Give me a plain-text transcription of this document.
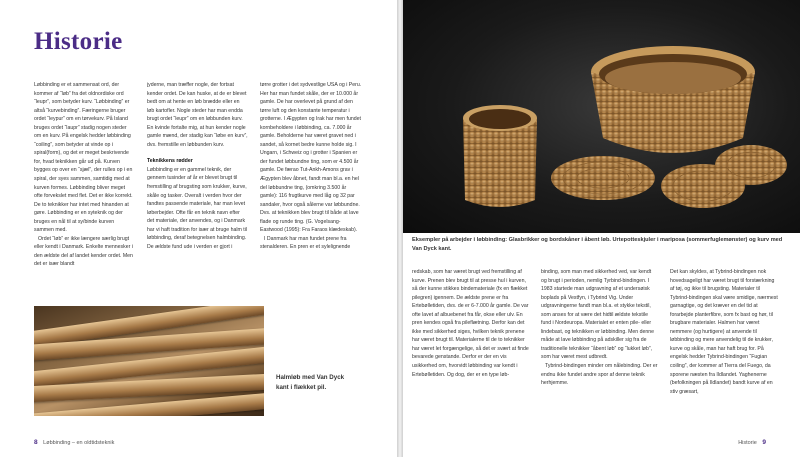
Historie

Løbbinding er et sammensat ord, der kommer af “løb” fra det oldnordiske ord “leupr”, som betyder kurv. “Løbbinding” er altså “kurvebinding”. Færingerne bruger ordet “leypur” om en tørvekurv. På Island bruges ordet “laupr” stadig nogen steder om en kurv. På engelsk hedder løbbinding “coiling”, som betyder at vinde op i spiral(form), og det er meget beskrivende for, hvad teknikken går ud på. Kurven bygges op over en “sjæl”, der rulles op i en spiral, der syes sammen, samtidig med at kurven formes. Løbbinding bliver meget ofte forvekslet med flet. Det er ikke korrekt. De to teknikker har intet med hinanden at gøre. Løbbinding er en syteknik og der bruges en nål til at sy/binde kurven sammen med.

Ordet “løb” er ikke længere særlig brugt eller kendt i Danmark. Enkelte mennesker i den ældste del af landet kender ordet. Men det er især blandt

jyderne, man træffer nogle, der fortsat kender ordet. De kan huske, at de er blevet bedt om at hente en løb brædde eller en løb kartofler. Nogle steder har man endda brugt ordet “leupr” om en løbbunden kurv. En kvinde fortalte mig, at hun kender nogle gamle mænd, der stadig kan “løbe en kurv”, dvs. fremstille en løbbunden kurv.

Teknikkens rødder

Løbbinding er en gammel teknik, der gennem tusinder af år er blevet brugt til fremstilling af brugsting som krukker, kurve, skåle og tasker. Overalt i verden hvor der fandtes passende materiale, har man levet løberbejder. Ofte får en teknik navn efter det materiale, der anvendes, og i Danmark har vi haft tradition for især at bruge halm til løbbinding, deraf betegnelsen halmbinding. De ældste fund ude i verden er gjort i

tørre grotter i det sydvestlige USA og i Peru. Her har man fundet skåle, der er 10.000 år gamle. De har overlevet på grund af den tørre luft og den konstante temperatur i grotterne. I Ægypten og Irak har men fundet kornbeholdere i løbbinding, ca. 7.000 år gamle. Beholderne har været gravet ned i sandet, så kornet bedre kunne holde sig. I Ungarn, i Schweiz og i grotter i Spanien er der fundet løbbundne ting, som er 4.500 år gamle. De færao Tut-Ankh-Amons grav i Ægypten blev åbnet, fandt man bl.a. en hel del løbbundne ting, (omkring 3.500 år gamle): 116 frugtkurve med låg og 32 par sandaler, hvor også sålerne var løbbundne. Dvs. at teknikken blev brugt til både at lave flade og runde ting. (G. Vogelsang-Eastwood (1995): Fra Faraos klædeskab).

I Danmark har man fundet prene fra stenalderen. En pren er et sylelignende

Halmløb med Van Dyck kant i flækket pil.
8 Løbbinding – en oldtidsteknik
Eksempler på arbejder i løbbinding: Glasbrikker og bordskåner i åbent løb. Urtepotteskjuler i mariposa (sommerfuglemønster) og kurv med Van Dyck kant.

redskab, som har været brugt ved fremstilling af kurve. Prenen blev brugt til at presse hul i kurven, så der kunne stikkes bindemateriale (fx en flækket pilegren) igennem. De ældste prene er fra Ertebølletiden, dvs. de er 6-7.000 år gamle. De var ofte lavet af albuebenet fra får, okse eller ulv. En pren kendes også fra pileflætning. Derfor kan det ikke med sikkerhed siges, hvilken teknik prenene har været brugt til. Materialerne til de to teknikker har været let forgængelige, så det er svært at finde bevarede genstande. Derfor er der en vis usikkerhed om, hvorvidt løbbinding var kendt i Ertebølletiden. Og dog, der er en type løb-

binding, som man med sikkerhed ved, var kendt og brugt i perioden, nemlig Tyrbind-bindingen. I 1983 startede man udgravning af et undersøisk boplads på Vestfyn, i Tybrind Vig. Under udgravningerne fandt man bl.a. et stykke tekstil, som anses for at være det hidtil ældste tekstile fund i Nordeuropa. Materialet er enten pile- eller lindebast, og teknikken er løbbinding. Men denne måde at lave løbbinding på adskiller sig fra de traditionelle teknikker “åbent løb” og “lukket løb”, som har været mest udbredt.

Tybrind-bindingen minder om nålebinding. Der er endnu ikke fundet andre spor af denne teknik herhjemme.

Det kan skyldes, at Tybrind-bindingen nok hovedsageligt har været brugt til forstærkning af tøj, og ikke til brugsting. Materialer til Tybrind-bindingen skal være smidige, nærmest garnagtige, og det kræver en del tid at forarbejde planterfibre, som fx bast og hør, til brugbare materialer. Halmen har været nemmere (og hurtigere) at anvende til løbbinding og mere anvendelig til de krukker, kurve og skåle, man har haft brug for. På engelsk hedder Tybrind-bindingen “Fugian coiling”, der kommer af Tierra del Fuego, da sporene næsten fra Ildlandet. Yaghenerne (befolkningen på Ildlandet) bandt kurve af en stiv græsart,

Historie 9
